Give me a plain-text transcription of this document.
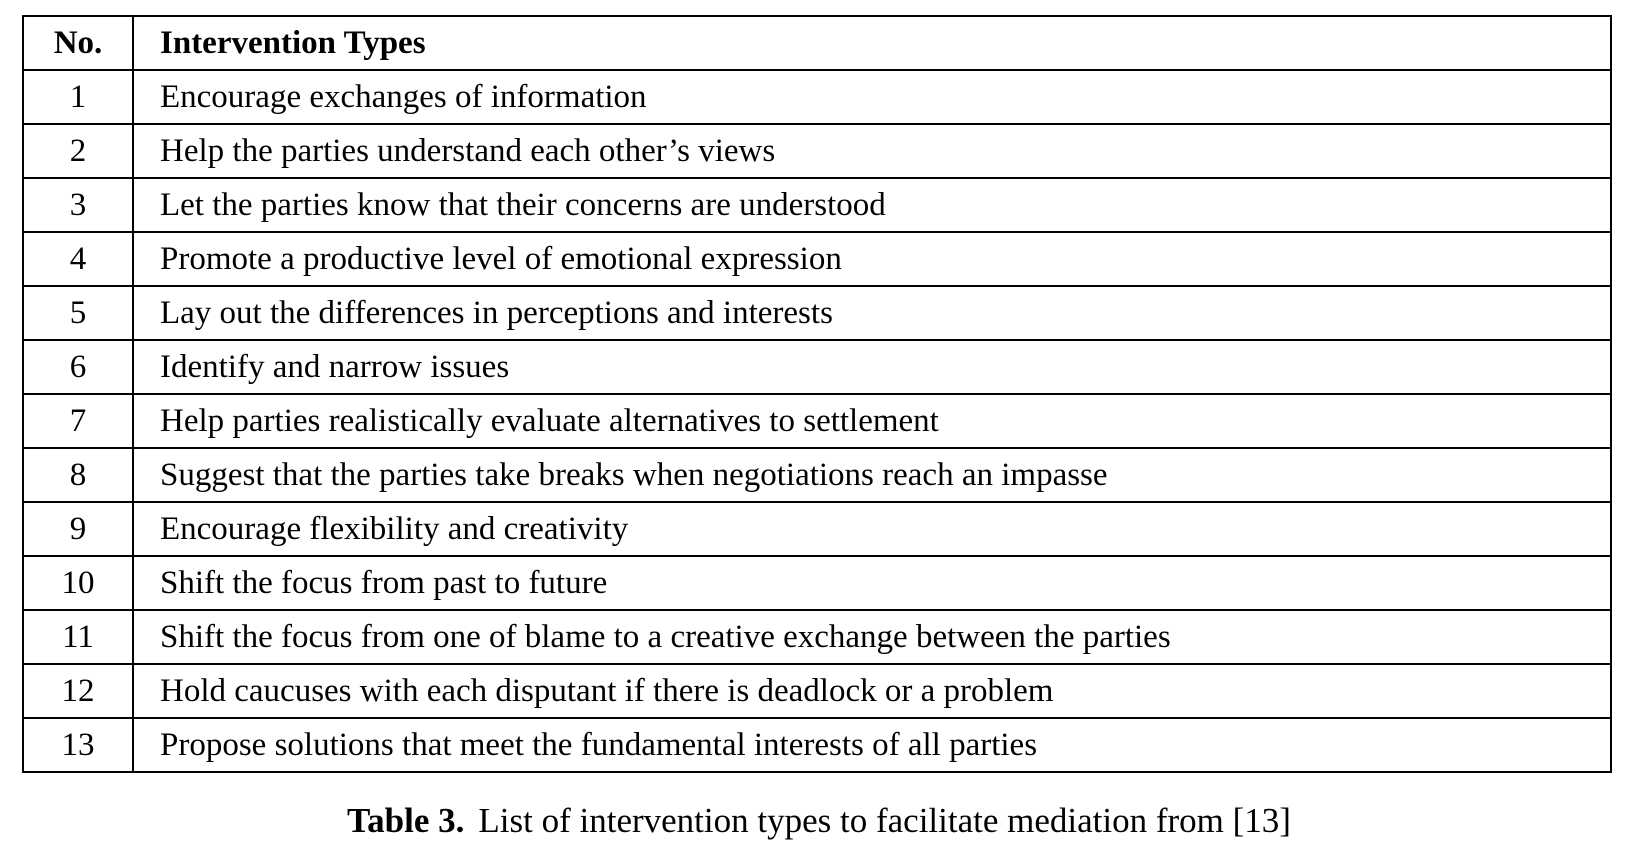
No.	Intervention Types
1	Encourage exchanges of information
2	Help the parties understand each other’s views
3	Let the parties know that their concerns are understood
4	Promote a productive level of emotional expression
5	Lay out the differences in perceptions and interests
6	Identify and narrow issues
7	Help parties realistically evaluate alternatives to settlement
8	Suggest that the parties take breaks when negotiations reach an impasse
9	Encourage flexibility and creativity
10	Shift the focus from past to future
11	Shift the focus from one of blame to a creative exchange between the parties
12	Hold caucuses with each disputant if there is deadlock or a problem
13	Propose solutions that meet the fundamental interests of all parties
Table 3. List of intervention types to facilitate mediation from [13]
